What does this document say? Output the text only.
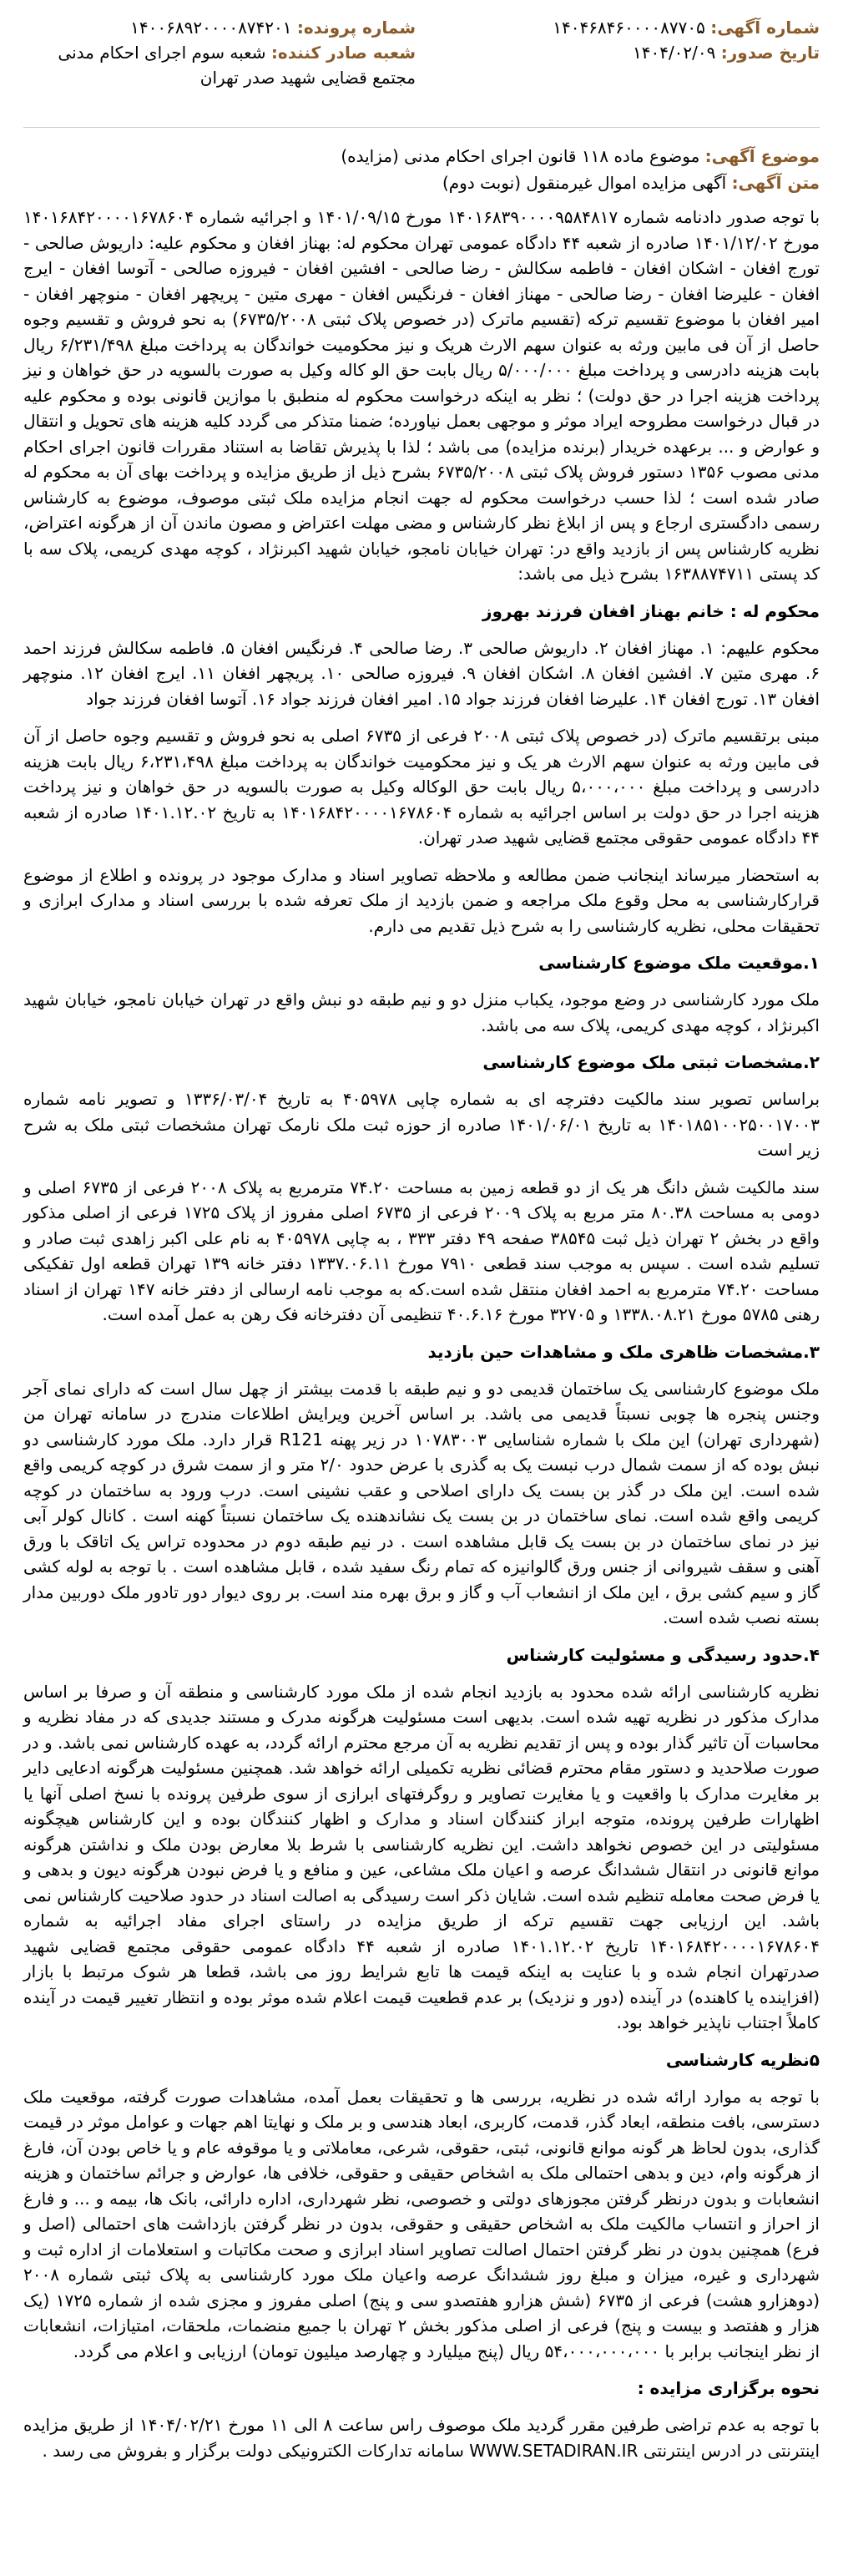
شماره آگهی: ۱۴۰۴۶۸۴۶۰۰۰۰۸۷۷۰۵
تاریخ صدور: ۱۴۰۴/۰۲/۰۹
شماره پرونده: ۱۴۰۰۶۸۹۲۰۰۰۰۸۷۴۲۰۱
شعبه صادر کننده: شعبه سوم اجرای احکام مدنی مجتمع قضایی شهید صدر تهران
موضوع آگهی: موضوع ماده ۱۱۸ قانون اجرای احکام مدنی (مزایده)
متن آگهی: آگهی مزایده اموال غیرمنقول (نوبت دوم)

با توجه صدور دادنامه شماره ۱۴۰۱۶۸۳۹۰۰۰۰۹۵۸۴۸۱۷ مورخ ۱۴۰۱/۰۹/۱۵ و اجرائیه شماره ۱۴۰۱۶۸۴۲۰۰۰۰۱۶۷۸۶۰۴ مورخ ۱۴۰۱/۱۲/۰۲ صادره از شعبه ۴۴ دادگاه عمومی تهران محکوم له: بهناز افغان و محکوم علیه: داریوش صالحی - تورج افغان - اشکان افغان - فاطمه سکالش - رضا صالحی - افشین افغان - فیروزه صالحی - آتوسا افغان - ایرج افغان - علیرضا افغان - رضا صالحی - مهناز افغان - فرنگیس افغان - مهری متین - پریچهر افغان - منوچهر افغان - امیر افغان با موضوع تقسیم ترکه (تقسیم ماترک (در خصوص پلاک ثبتی ۶۷۳۵/۲۰۰۸) به نحو فروش و تقسیم وجوه حاصل از آن فی مابین ورثه به عنوان سهم الارث هریک و نیز محکومیت خواندگان به پرداخت مبلغ ۶/۲۳۱/۴۹۸ ریال بابت هزینه دادرسی و پرداخت مبلغ ۵/۰۰۰/۰۰۰ ریال بابت حق الو کاله وکیل به صورت بالسویه در حق خواهان و نیز پرداخت هزینه اجرا در حق دولت) ؛ نظر به اینکه درخواست محکوم له منطبق با موازین قانونی بوده و محکوم علیه در قبال درخواست مطروحه ایراد موثر و موجهی بعمل نیاورده؛ ضمنا متذکر می گردد کلیه هزینه های تحویل و انتقال و عوارض و ... برعهده خریدار (برنده مزایده) می باشد ؛ لذا با پذیرش تقاضا به استناد مقررات قانون اجرای احکام مدنی مصوب ۱۳۵۶ دستور فروش پلاک ثبتی ۶۷۳۵/۲۰۰۸ بشرح ذیل از طریق مزایده و پرداخت بهای آن به محکوم له صادر شده است ؛ لذا حسب درخواست محکوم له جهت انجام مزایده ملک ثبتی موصوف، موضوع به کارشناس رسمی دادگستری ارجاع و پس از ابلاغ نظر کارشناس و مضی مهلت اعتراض و مصون ماندن آن از هرگونه اعتراض، نظریه کارشناس پس از بازدید واقع در: تهران خیابان نامجو، خیابان شهید اکبرنژاد ، کوچه مهدی کریمی، پلاک سه با کد پستی ۱۶۳۸۸۷۴۷۱۱ بشرح ذیل می باشد:

محکوم له : خانم بهناز افغان فرزند بهروز

محکوم علیهم: ۱. مهناز افغان ۲. داریوش صالحی ۳. رضا صالحی ۴. فرنگیس افغان ۵. فاطمه سکالش فرزند احمد ۶. مهری متین ۷. افشین افغان ۸. اشکان افغان ۹. فیروزه صالحی ۱۰. پریچهر افغان ۱۱. ایرج افغان ۱۲. منوچهر افغان ۱۳. تورج افغان ۱۴. علیرضا افغان فرزند جواد ۱۵. امیر افغان فرزند جواد ۱۶. آتوسا افغان فرزند جواد

مبنی برتقسیم ماترک (در خصوص پلاک ثبتی ۲۰۰۸ فرعی از ۶۷۳۵ اصلی به نحو فروش و تقسیم وجوه حاصل از آن فی مابین ورثه به عنوان سهم الارث هر یک و نیز محکومیت خواندگان به پرداخت مبلغ ۶،۲۳۱،۴۹۸ ریال بابت هزینه دادرسی و پرداخت مبلغ ۵،۰۰۰،۰۰۰ ریال بابت حق الوکاله وکیل به صورت بالسویه در حق خواهان و نیز پرداخت هزینه اجرا در حق دولت بر اساس اجرائیه به شماره ۱۴۰۱۶۸۴۲۰۰۰۰۱۶۷۸۶۰۴ به تاریخ ۱۴۰۱.۱۲.۰۲ صادره از شعبه ۴۴ دادگاه عمومی حقوقی مجتمع قضایی شهید صدر تهران.

به استحضار میرساند اینجانب ضمن مطالعه و ملاحظه تصاویر اسناد و مدارک موجود در پرونده و اطلاع از موضوع قرارکارشناسی به محل وقوع ملک مراجعه و ضمن بازدید از ملک تعرفه شده با بررسی اسناد و مدارک ابرازی و تحقیقات محلی، نظریه کارشناسی را به شرح ذیل تقدیم می دارم.

۱.موقعیت ملک موضوع کارشناسی

ملک مورد کارشناسی در وضع موجود، یکباب منزل دو و نیم طبقه دو نبش واقع در تهران خیابان نامجو، خیابان شهید اکبرنژاد ، کوچه مهدی کریمی، پلاک سه می باشد.

۲.مشخصات ثبتی ملک موضوع کارشناسی

براساس تصویر سند مالکیت دفترچه ای به شماره چاپی ۴۰۵۹۷۸ به تاریخ ۱۳۳۶/۰۳/۰۴ و تصویر نامه شماره ۱۴۰۱۸۵۱۰۰۲۵۰۰۱۷۰۰۳ به تاریخ ۱۴۰۱/۰۶/۰۱ صادره از حوزه ثبت ملک نارمک تهران مشخصات ثبتی ملک به شرح زیر است

سند مالکیت شش دانگ هر یک از دو قطعه زمین به مساحت ۷۴.۲۰ مترمربع به پلاک ۲۰۰۸ فرعی از ۶۷۳۵ اصلی و دومی به مساحت ۸۰.۳۸ متر مربع به پلاک ۲۰۰۹ فرعی از ۶۷۳۵ اصلی مفروز از پلاک ۱۷۲۵ فرعی از اصلی مذکور واقع در بخش ۲ تهران ذیل ثبت ۳۸۵۴۵ صفحه ۴۹ دفتر ۳۳۳ ، به چاپی ۴۰۵۹۷۸ به نام علی اکبر زاهدی ثبت صادر و تسلیم شده است . سپس به موجب سند قطعی ۷۹۱۰ مورخ ۱۳۳۷.۰۶.۱۱ دفتر خانه ۱۳۹ تهران قطعه اول تفکیکی مساحت ۷۴.۲۰ مترمربع به احمد افغان منتقل شده است.که به موجب نامه ارسالی از دفتر خانه ۱۴۷ تهران از اسناد رهنی ۵۷۸۵ مورخ ۱۳۳۸.۰۸.۲۱ و ۳۲۷۰۵ مورخ ۴۰.۶.۱۶ تنظیمی آن دفترخانه فک رهن به عمل آمده است.

۳.مشخصات ظاهری ملک و مشاهدات حین بازدید

ملک موضوع کارشناسی یک ساختمان قدیمی دو و نیم طبقه با قدمت بیشتر از چهل سال است که دارای نمای آجر وجنس پنجره ها چوبی نسبتاً قدیمی می باشد. بر اساس آخرین ویرایش اطلاعات مندرج در سامانه تهران من (شهرداری تهران) این ملک با شماره شناسایی ۱۰۷۸۳۰۰۳ در زیر پهنه R121 قرار دارد. ملک مورد کارشناسی دو نبش بوده که از سمت شمال درب نبست یک به گذری با عرض حدود ۲/۰ متر و از سمت شرق در کوچه کریمی واقع شده است. این ملک در گذر بن بست یک دارای اصلاحی و عقب نشینی است. درب ورود به ساختمان در کوچه کریمی واقع شده است. نمای ساختمان در بن بست یک نشاندهنده یک ساختمان نسبتاً کهنه است . کانال کولر آبی نیز در نمای ساختمان در بن بست یک قابل مشاهده است . در نیم طبقه دوم در محدوده تراس یک اتاقک با ورق آهنی و سقف شیروانی از جنس ورق گالوانیزه که تمام رنگ سفید شده ، قابل مشاهده است . با توجه به لوله کشی گاز و سیم کشی برق ، این ملک از انشعاب آب و گاز و برق بهره مند است. بر روی دیوار دور تادور ملک دوربین مدار بسته نصب شده است.

۴.حدود رسیدگی و مسئولیت کارشناس

نظریه کارشناسی ارائه شده محدود به بازدید انجام شده از ملک مورد کارشناسی و منطقه آن و صرفا بر اساس مدارک مذکور در نظریه تهیه شده است. بدیهی است مسئولیت هرگونه مدرک و مستند جدیدی که در مفاد نظریه و محاسبات آن تاثیر گذار بوده و پس از تقدیم نظریه به آن مرجع محترم ارائه گردد، به عهده کارشناس نمی باشد. و در صورت صلاحدید و دستور مقام محترم قضائی نظریه تکمیلی ارائه خواهد شد. همچنین مسئولیت هرگونه ادعایی دایر بر مغایرت مدارک با واقعیت و یا مغایرت تصاویر و روگرفتهای ابرازی از سوی طرفین پرونده با نسخ اصلی آنها یا اظهارات طرفین پرونده، متوجه ابراز کنندگان اسناد و مدارک و اظهار کنندگان بوده و این کارشناس هیچگونه مسئولیتی در این خصوص نخواهد داشت. این نظریه کارشناسی با شرط بلا معارض بودن ملک و نداشتن هرگونه موانع قانونی در انتقال ششدانگ عرصه و اعیان ملک مشاعی، عین و منافع و یا فرض نبودن هرگونه دیون و بدهی و یا فرض صحت معامله تنظیم شده است. شایان ذکر است رسیدگی به اصالت اسناد در حدود صلاحیت کارشناس نمی باشد. این ارزیابی جهت تقسیم ترکه از طریق مزایده در راستای اجرای مفاد اجرائیه به شماره ۱۴۰۱۶۸۴۲۰۰۰۰۱۶۷۸۶۰۴ تاریخ ۱۴۰۱.۱۲.۰۲ صادره از شعبه ۴۴ دادگاه عمومی حقوقی مجتمع قضایی شهید صدرتهران انجام شده و با عنایت به اینکه قیمت ها تابع شرایط روز می باشد، قطعا هر شوک مرتبط با بازار (افزاینده یا کاهنده) در آینده (دور و نزدیک) بر عدم قطعیت قیمت اعلام شده موثر بوده و انتظار تغییر قیمت در آینده کاملاً اجتناب ناپذیر خواهد بود.

۵نظریه کارشناسی

با توجه به موارد ارائه شده در نظریه، بررسی ها و تحقیقات بعمل آمده، مشاهدات صورت گرفته، موقعیت ملک دسترسی، بافت منطقه، ابعاد گذر، قدمت، کاربری، ابعاد هندسی و بر ملک و نهایتا اهم جهات و عوامل موثر در قیمت گذاری، بدون لحاظ هر گونه موانع قانونی، ثبتی، حقوقی، شرعی، معاملاتی و یا موقوفه عام و یا خاص بودن آن، فارغ از هرگونه وام، دین و بدهی احتمالی ملک به اشخاص حقیقی و حقوقی، خلافی ها، عوارض و جرائم ساختمان و هزینه انشعابات و بدون درنظر گرفتن مجوزهای دولتی و خصوصی، نظر شهرداری، اداره دارائی، بانک ها، بیمه و ... و فارغ از احراز و انتساب مالکیت ملک به اشخاص حقیقی و حقوقی، بدون در نظر گرفتن بازداشت های احتمالی (اصل و فرع) همچنین بدون در نظر گرفتن احتمال اصالت تصاویر اسناد ابرازی و صحت مکاتبات و استعلامات از اداره ثبت و شهرداری و غیره، میزان و مبلغ روز ششدانگ عرصه واعیان ملک مورد کارشناسی به پلاک ثبتی شماره ۲۰۰۸ (دوهزارو هشت) فرعی از ۶۷۳۵ (شش هزارو هفتصدو سی و پنج) اصلی مفروز و مجزی شده از شماره ۱۷۲۵ (یک هزار و هفتصد و بیست و پنج) فرعی از اصلی مذکور بخش ۲ تهران با جمیع منضمات، ملحقات، امتیازات، انشعابات از نظر اینجانب برابر با ۵۴،۰۰۰،۰۰۰،۰۰۰ ریال (پنج میلیارد و چهارصد میلیون تومان) ارزیابی و اعلام می گردد.

نحوه برگزاری مزایده :

با توجه به عدم تراضی طرفین مقرر گردید ملک موصوف راس ساعت ۸ الی ۱۱ مورخ ۱۴۰۴/۰۲/۲۱ از طریق مزایده اینترنتی در ادرس اینترنتی WWW.SETADIRAN.IR سامانه تدارکات الکترونیکی دولت برگزار و بفروش می رسد .
